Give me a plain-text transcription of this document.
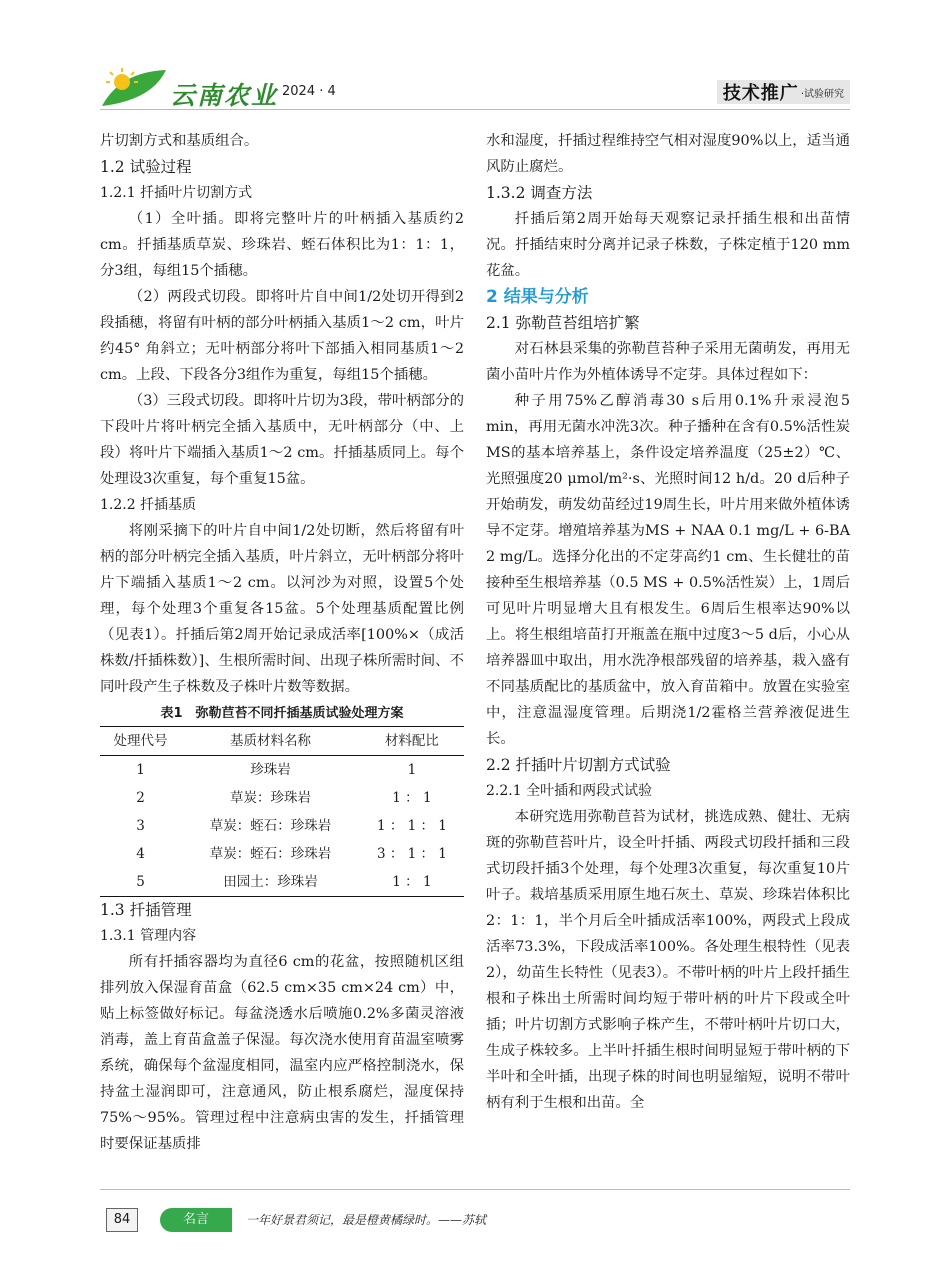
云南农业 2024 · 4	技术推广 ·试验研究

片切割方式和基质组合。

1.2 试验过程

1.2.1 扦插叶片切割方式

（1）全叶插。即将完整叶片的叶柄插入基质约2 cm。扦插基质草炭、珍珠岩、蛭石体积比为1：1：1，分3组，每组15个插穗。

（2）两段式切段。即将叶片自中间1/2处切开得到2段插穗，将留有叶柄的部分叶柄插入基质1～2 cm，叶片约45° 角斜立；无叶柄部分将叶下部插入相同基质1～2 cm。上段、下段各分3组作为重复，每组15个插穗。

（3）三段式切段。即将叶片切为3段，带叶柄部分的下段叶片将叶柄完全插入基质中，无叶柄部分（中、上段）将叶片下端插入基质1～2 cm。扦插基质同上。每个处理设3次重复，每个重复15盆。

1.2.2 扦插基质

将刚采摘下的叶片自中间1/2处切断，然后将留有叶柄的部分叶柄完全插入基质，叶片斜立，无叶柄部分将叶片下端插入基质1～2 cm。以河沙为对照，设置5个处理，每个处理3个重复各15盆。5个处理基质配置比例（见表1）。扦插后第2周开始记录成活率[100%×（成活株数/扦插株数）]、生根所需时间、出现子株所需时间、不同叶段产生子株数及子株叶片数等数据。

表1　弥勒苣苔不同扦插基质试验处理方案
处理代号	基质材料名称	材料配比
1	珍珠岩	1
2	草炭：珍珠岩	1 ： 1
3	草炭：蛭石：珍珠岩	1 ： 1 ： 1
4	草炭：蛭石：珍珠岩	3 ： 1 ： 1
5	田园土：珍珠岩	1 ： 1

1.3 扦插管理

1.3.1 管理内容

所有扦插容器均为直径6 cm的花盆，按照随机区组排列放入保湿育苗盒（62.5 cm×35 cm×24 cm）中，贴上标签做好标记。每盆浇透水后喷施0.2%多菌灵溶液消毒，盖上育苗盒盖子保湿。每次浇水使用育苗温室喷雾系统，确保每个盆湿度相同，温室内应严格控制浇水，保持盆土湿润即可，注意通风，防止根系腐烂，湿度保持75%～95%。管理过程中注意病虫害的发生，扦插管理时要保证基质排

水和湿度，扦插过程维持空气相对湿度90%以上，适当通风防止腐烂。

1.3.2 调查方法

扦插后第2周开始每天观察记录扦插生根和出苗情况。扦插结束时分离并记录子株数，子株定植于120 mm花盆。

2 结果与分析

2.1 弥勒苣苔组培扩繁

对石林县采集的弥勒苣苔种子采用无菌萌发，再用无菌小苗叶片作为外植体诱导不定芽。具体过程如下：

种子用75%乙醇消毒30 s后用0.1%升汞浸泡5 min，再用无菌水冲洗3次。种子播种在含有0.5%活性炭MS的基本培养基上，条件设定培养温度（25±2）℃、光照强度20 μmol/m²·s、光照时间12 h/d。20 d后种子开始萌发，萌发幼苗经过19周生长，叶片用来做外植体诱导不定芽。增殖培养基为MS + NAA 0.1 mg/L + 6-BA 2 mg/L。选择分化出的不定芽高约1 cm、生长健壮的苗接种至生根培养基（0.5 MS + 0.5%活性炭）上，1周后可见叶片明显增大且有根发生。6周后生根率达90%以上。将生根组培苗打开瓶盖在瓶中过度3～5 d后，小心从培养器皿中取出，用水洗净根部残留的培养基，栽入盛有不同基质配比的基质盆中，放入育苗箱中。放置在实验室中，注意温湿度管理。后期浇1/2霍格兰营养液促进生长。

2.2 扦插叶片切割方式试验

2.2.1 全叶插和两段式试验

本研究选用弥勒苣苔为试材，挑选成熟、健壮、无病斑的弥勒苣苔叶片，设全叶扦插、两段式切段扦插和三段式切段扦插3个处理，每个处理3次重复，每次重复10片叶子。栽培基质采用原生地石灰土、草炭、珍珠岩体积比2：1：1，半个月后全叶插成活率100%，两段式上段成活率73.3%，下段成活率100%。各处理生根特性（见表2），幼苗生长特性（见表3）。不带叶柄的叶片上段扦插生根和子株出土所需时间均短于带叶柄的叶片下段或全叶插；叶片切割方式影响子株产生，不带叶柄叶片切口大，生成子株较多。上半叶扦插生根时间明显短于带叶柄的下半叶和全叶插，出现子株的时间也明显缩短，说明不带叶柄有利于生根和出苗。全

84	名言	一年好景君须记，最是橙黄橘绿时。——苏轼
